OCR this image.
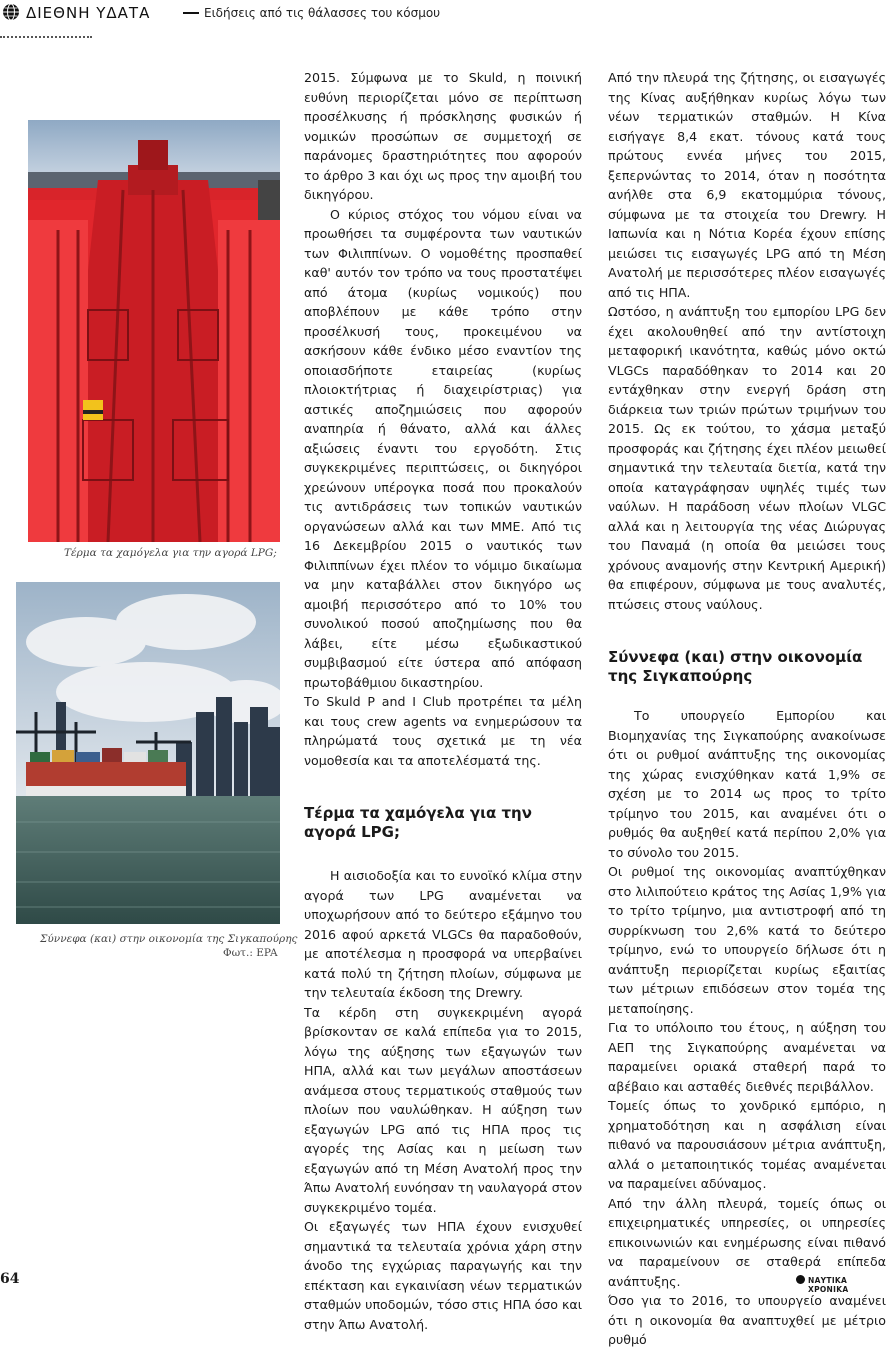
ΔΙΕΘΝΗ ΥΔΑΤΑ	Ειδήσεις από τις θάλασσες του κόσμου
Τέρμα τα χαμόγελα για την αγορά LPG;
Σύννεφα (και) στην οικονομία της Σιγκαπούρης
Φωτ.: EPA

2015. Σύμφωνα με το Skuld, η ποινική ευθύνη περιορίζεται μόνο σε περίπτωση προσέλκυσης ή πρόσκλησης φυσικών ή νομικών προσώπων σε συμμετοχή σε παράνομες δραστηριότητες που αφορούν το άρθρο 3 και όχι ως προς την αμοιβή του δικηγόρου.

Ο κύριος στόχος του νόμου είναι να προωθήσει τα συμφέροντα των ναυτικών των Φιλιππίνων. Ο νομοθέτης προσπαθεί καθ' αυτόν τον τρόπο να τους προστατέψει από άτομα (κυρίως νομικούς) που αποβλέπουν με κάθε τρόπο στην προσέλκυσή τους, προκειμένου να ασκήσουν κάθε ένδικο μέσο εναντίον της οποιασδήποτε εταιρείας (κυρίως πλοιοκτήτριας ή διαχειρίστριας) για αστικές αποζημιώσεις που αφορούν αναπηρία ή θάνατο, αλλά και άλλες αξιώσεις έναντι του εργοδότη. Στις συγκεκριμένες περιπτώσεις, οι δικηγόροι χρεώνουν υπέρογκα ποσά που προκαλούν τις αντιδράσεις των τοπικών ναυτικών οργανώσεων αλλά και των ΜΜΕ. Από τις 16 Δεκεμβρίου 2015 ο ναυτικός των Φιλιππίνων έχει πλέον το νόμιμο δικαίωμα να μην καταβάλλει στον δικηγόρο ως αμοιβή περισσότερο από το 10% του συνολικού ποσού αποζημίωσης που θα λάβει, είτε μέσω εξωδικαστικού συμβιβασμού είτε ύστερα από απόφαση πρωτοβάθμιου δικαστηρίου.

Το Skuld P and I Club προτρέπει τα μέλη και τους crew agents να ενημερώσουν τα πληρώματά τους σχετικά με τη νέα νομοθεσία και τα αποτελέσματά της.

Τέρμα τα χαμόγελα για την αγορά LPG;

Η αισιοδοξία και το ευνοϊκό κλίμα στην αγορά των LPG αναμένεται να υποχωρήσουν από το δεύτερο εξάμηνο του 2016 αφού αρκετά VLGCs θα παραδοθούν, με αποτέλεσμα η προσφορά να υπερβαίνει κατά πολύ τη ζήτηση πλοίων, σύμφωνα με την τελευταία έκδοση της Drewry.

Τα κέρδη στη συγκεκριμένη αγορά βρίσκονταν σε καλά επίπεδα για το 2015, λόγω της αύξησης των εξαγωγών των ΗΠΑ, αλλά και των μεγάλων αποστάσεων ανάμεσα στους τερματικούς σταθμούς των πλοίων που ναυλώθηκαν. Η αύξηση των εξαγωγών LPG από τις ΗΠΑ προς τις αγορές της Ασίας και η μείωση των εξαγωγών από τη Μέση Ανατολή προς την Άπω Ανατολή ευνόησαν τη ναυλαγορά στον συγκεκριμένο τομέα.

Οι εξαγωγές των ΗΠΑ έχουν ενισχυθεί σημαντικά τα τελευταία χρόνια χάρη στην άνοδο της εγχώριας παραγωγής και την επέκταση και εγκαινίαση νέων τερματικών σταθμών υποδομών, τόσο στις ΗΠΑ όσο και στην Άπω Ανατολή.

Από την πλευρά της ζήτησης, οι εισαγωγές της Κίνας αυξήθηκαν κυρίως λόγω των νέων τερματικών σταθμών. Η Κίνα εισήγαγε 8,4 εκατ. τόνους κατά τους πρώτους εννέα μήνες του 2015, ξεπερνώντας το 2014, όταν η ποσότητα ανήλθε στα 6,9 εκατομμύρια τόνους, σύμφωνα με τα στοιχεία του Drewry. Η Ιαπωνία και η Νότια Κορέα έχουν επίσης μειώσει τις εισαγωγές LPG από τη Μέση Ανατολή με περισσότερες πλέον εισαγωγές από τις ΗΠΑ.

Ωστόσο, η ανάπτυξη του εμπορίου LPG δεν έχει ακολουθηθεί από την αντίστοιχη μεταφορική ικανότητα, καθώς μόνο οκτώ VLGCs παραδόθηκαν το 2014 και 20 εντάχθηκαν στην ενεργή δράση στη διάρκεια των τριών πρώτων τριμήνων του 2015. Ως εκ τούτου, το χάσμα μεταξύ προσφοράς και ζήτησης έχει πλέον μειωθεί σημαντικά την τελευταία διετία, κατά την οποία καταγράφησαν υψηλές τιμές των ναύλων. Η παράδοση νέων πλοίων VLGC αλλά και η λειτουργία της νέας Διώρυγας του Παναμά (η οποία θα μειώσει τους χρόνους αναμονής στην Κεντρική Αμερική) θα επιφέρουν, σύμφωνα με τους αναλυτές, πτώσεις στους ναύλους.

Σύννεφα (και) στην οικονομία της Σιγκαπούρης

Το υπουργείο Εμπορίου και Βιομηχανίας της Σιγκαπούρης ανακοίνωσε ότι οι ρυθμοί ανάπτυξης της οικονομίας της χώρας ενισχύθηκαν κατά 1,9% σε σχέση με το 2014 ως προς το τρίτο τρίμηνο του 2015, και αναμένει ότι ο ρυθμός θα αυξηθεί κατά περίπου 2,0% για το σύνολο του 2015.

Οι ρυθμοί της οικονομίας αναπτύχθηκαν στο λιλιπούτειο κράτος της Ασίας 1,9% για το τρίτο τρίμηνο, μια αντιστροφή από τη συρρίκνωση του 2,6% κατά το δεύτερο τρίμηνο, ενώ το υπουργείο δήλωσε ότι η ανάπτυξη περιορίζεται κυρίως εξαιτίας των μέτριων επιδόσεων στον τομέα της μεταποίησης.

Για το υπόλοιπο του έτους, η αύξηση του ΑΕΠ της Σιγκαπούρης αναμένεται να παραμείνει οριακά σταθερή παρά το αβέβαιο και ασταθές διεθνές περιβάλλον.

Τομείς όπως το χονδρικό εμπόριο, η χρηματοδότηση και η ασφάλιση είναι πιθανό να παρουσιάσουν μέτρια ανάπτυξη, αλλά ο μεταποιητικός τομέας αναμένεται να παραμείνει αδύναμος.

Από την άλλη πλευρά, τομείς όπως οι επιχειρηματικές υπηρεσίες, οι υπηρεσίες επικοινωνιών και ενημέρωσης είναι πιθανό να παραμείνουν σε σταθερά επίπεδα ανάπτυξης.

Όσο για το 2016, το υπουργείο αναμένει ότι η οικονομία θα αναπτυχθεί με μέτριο ρυθμό

64	ΝΑΥΤΙΚΑ ΧΡΟΝΙΚΑ
